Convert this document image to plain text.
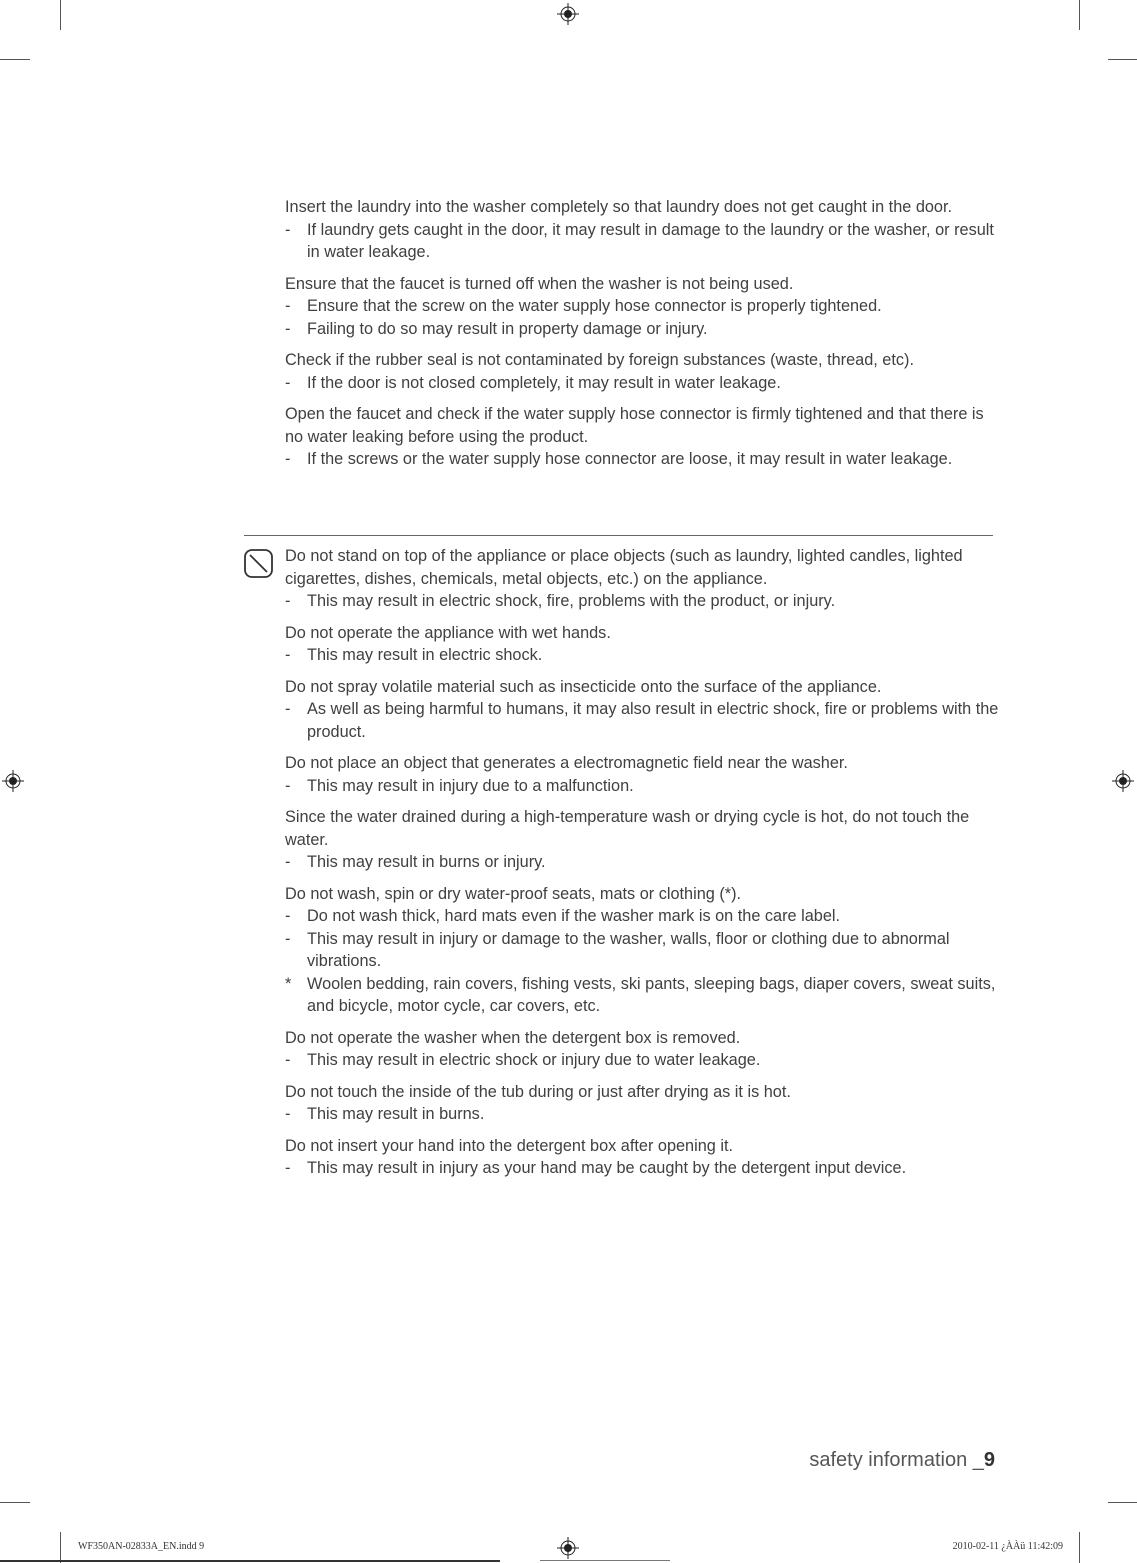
Insert the laundry into the washer completely so that laundry does not get caught in the door.
-	If laundry gets caught in the door, it may result in damage to the laundry or the washer, or result in water leakage.
Ensure that the faucet is turned off when the washer is not being used.
-	Ensure that the screw on the water supply hose connector is properly tightened.
-	Failing to do so may result in property damage or injury.
Check if the rubber seal is not contaminated by foreign substances (waste, thread, etc).
-	If the door is not closed completely, it may result in water leakage.
Open the faucet and check if the water supply hose connector is firmly tightened and that there is no water leaking before using the product.
-	If the screws or the water supply hose connector are loose, it may result in water leakage.
Do not stand on top of the appliance or place objects (such as laundry, lighted candles, lighted cigarettes, dishes, chemicals, metal objects, etc.) on the appliance.
-	This may result in electric shock, fire, problems with the product, or injury.
Do not operate the appliance with wet hands.
-	This may result in electric shock.
Do not spray volatile material such as insecticide onto the surface of the appliance.
-	As well as being harmful to humans, it may also result in electric shock, fire or problems with the product.
Do not place an object that generates a electromagnetic field near the washer.
-	This may result in injury due to a malfunction.
Since the water drained during a high-temperature wash or drying cycle is hot, do not touch the water.
-	This may result in burns or injury.
Do not wash, spin or dry water-proof seats, mats or clothing (*).
-	Do not wash thick, hard mats even if the washer mark is on the care label.
-	This may result in injury or damage to the washer, walls, floor or clothing due to abnormal vibrations.
* Woolen bedding, rain covers, fishing vests, ski pants, sleeping bags, diaper covers, sweat suits, and bicycle, motor cycle, car covers, etc.
Do not operate the washer when the detergent box is removed.
-	This may result in electric shock or injury due to water leakage.
Do not touch the inside of the tub during or just after drying as it is hot.
-	This may result in burns.
Do not insert your hand into the detergent box after opening it.
-	This may result in injury as your hand may be caught by the detergent input device.
safety information _9
WF350AN-02833A_EN.indd 9	2010-02-11 ¿ÀÀü 11:42:09
